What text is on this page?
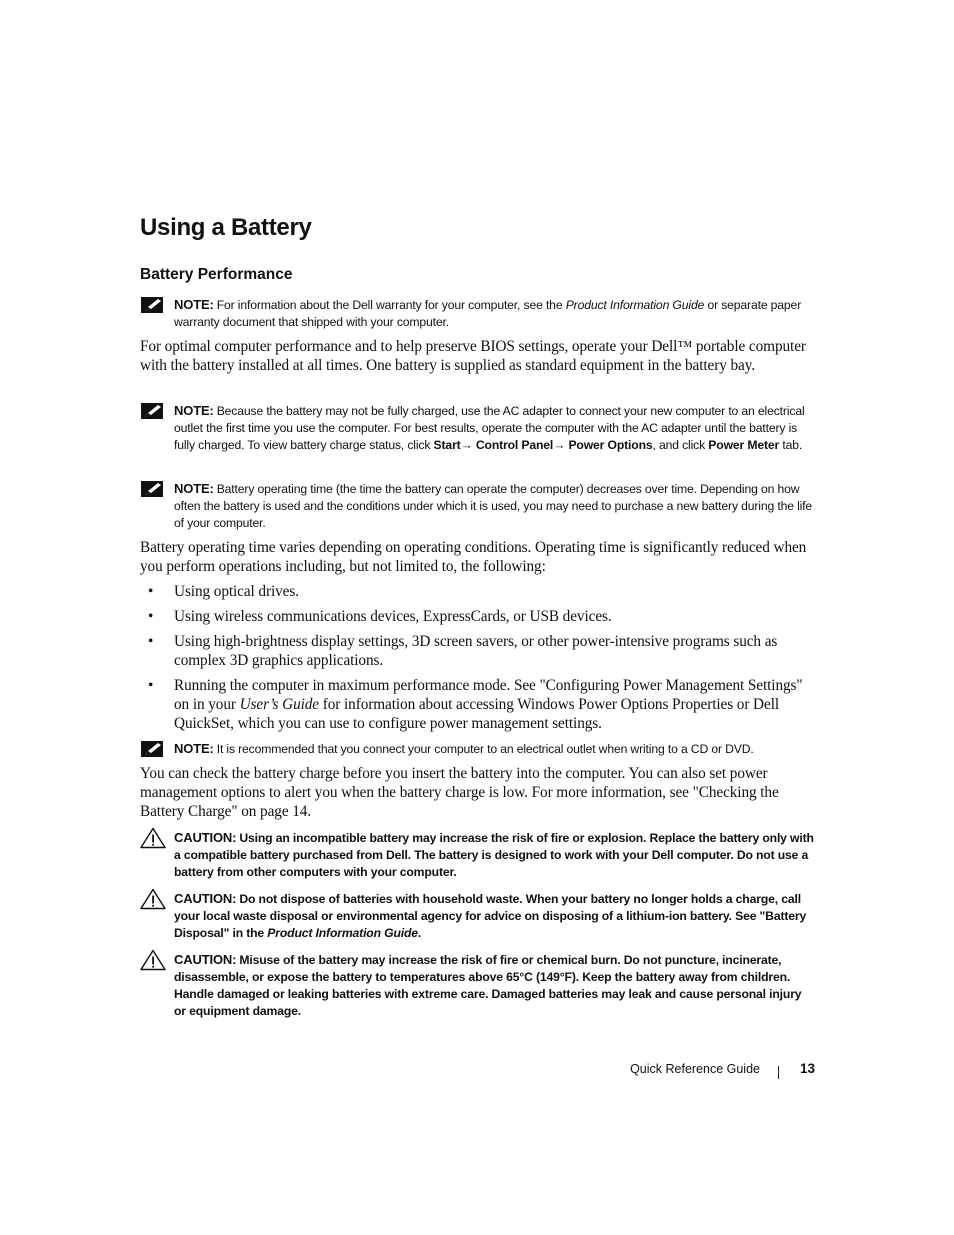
Using a Battery
Battery Performance
NOTE: For information about the Dell warranty for your computer, see the Product Information Guide or separate paper warranty document that shipped with your computer.
For optimal computer performance and to help preserve BIOS settings, operate your Dell™ portable computer with the battery installed at all times. One battery is supplied as standard equipment in the battery bay.
NOTE: Because the battery may not be fully charged, use the AC adapter to connect your new computer to an electrical outlet the first time you use the computer. For best results, operate the computer with the AC adapter until the battery is fully charged. To view battery charge status, click Start→ Control Panel→ Power Options, and click Power Meter tab.
NOTE: Battery operating time (the time the battery can operate the computer) decreases over time. Depending on how often the battery is used and the conditions under which it is used, you may need to purchase a new battery during the life of your computer.
Battery operating time varies depending on operating conditions. Operating time is significantly reduced when you perform operations including, but not limited to, the following:
• Using optical drives.
• Using wireless communications devices, ExpressCards, or USB devices.
• Using high-brightness display settings, 3D screen savers, or other power-intensive programs such as complex 3D graphics applications.
• Running the computer in maximum performance mode. See "Configuring Power Management Settings" on in your User’s Guide for information about accessing Windows Power Options Properties or Dell QuickSet, which you can use to configure power management settings.
NOTE: It is recommended that you connect your computer to an electrical outlet when writing to a CD or DVD.
You can check the battery charge before you insert the battery into the computer. You can also set power management options to alert you when the battery charge is low. For more information, see "Checking the Battery Charge" on page 14.
CAUTION: Using an incompatible battery may increase the risk of fire or explosion. Replace the battery only with a compatible battery purchased from Dell. The battery is designed to work with your Dell computer. Do not use a battery from other computers with your computer.
CAUTION: Do not dispose of batteries with household waste. When your battery no longer holds a charge, call your local waste disposal or environmental agency for advice on disposing of a lithium-ion battery. See "Battery Disposal" in the Product Information Guide.
CAUTION: Misuse of the battery may increase the risk of fire or chemical burn. Do not puncture, incinerate, disassemble, or expose the battery to temperatures above 65°C (149°F). Keep the battery away from children. Handle damaged or leaking batteries with extreme care. Damaged batteries may leak and cause personal injury or equipment damage.
Quick Reference Guide	13
